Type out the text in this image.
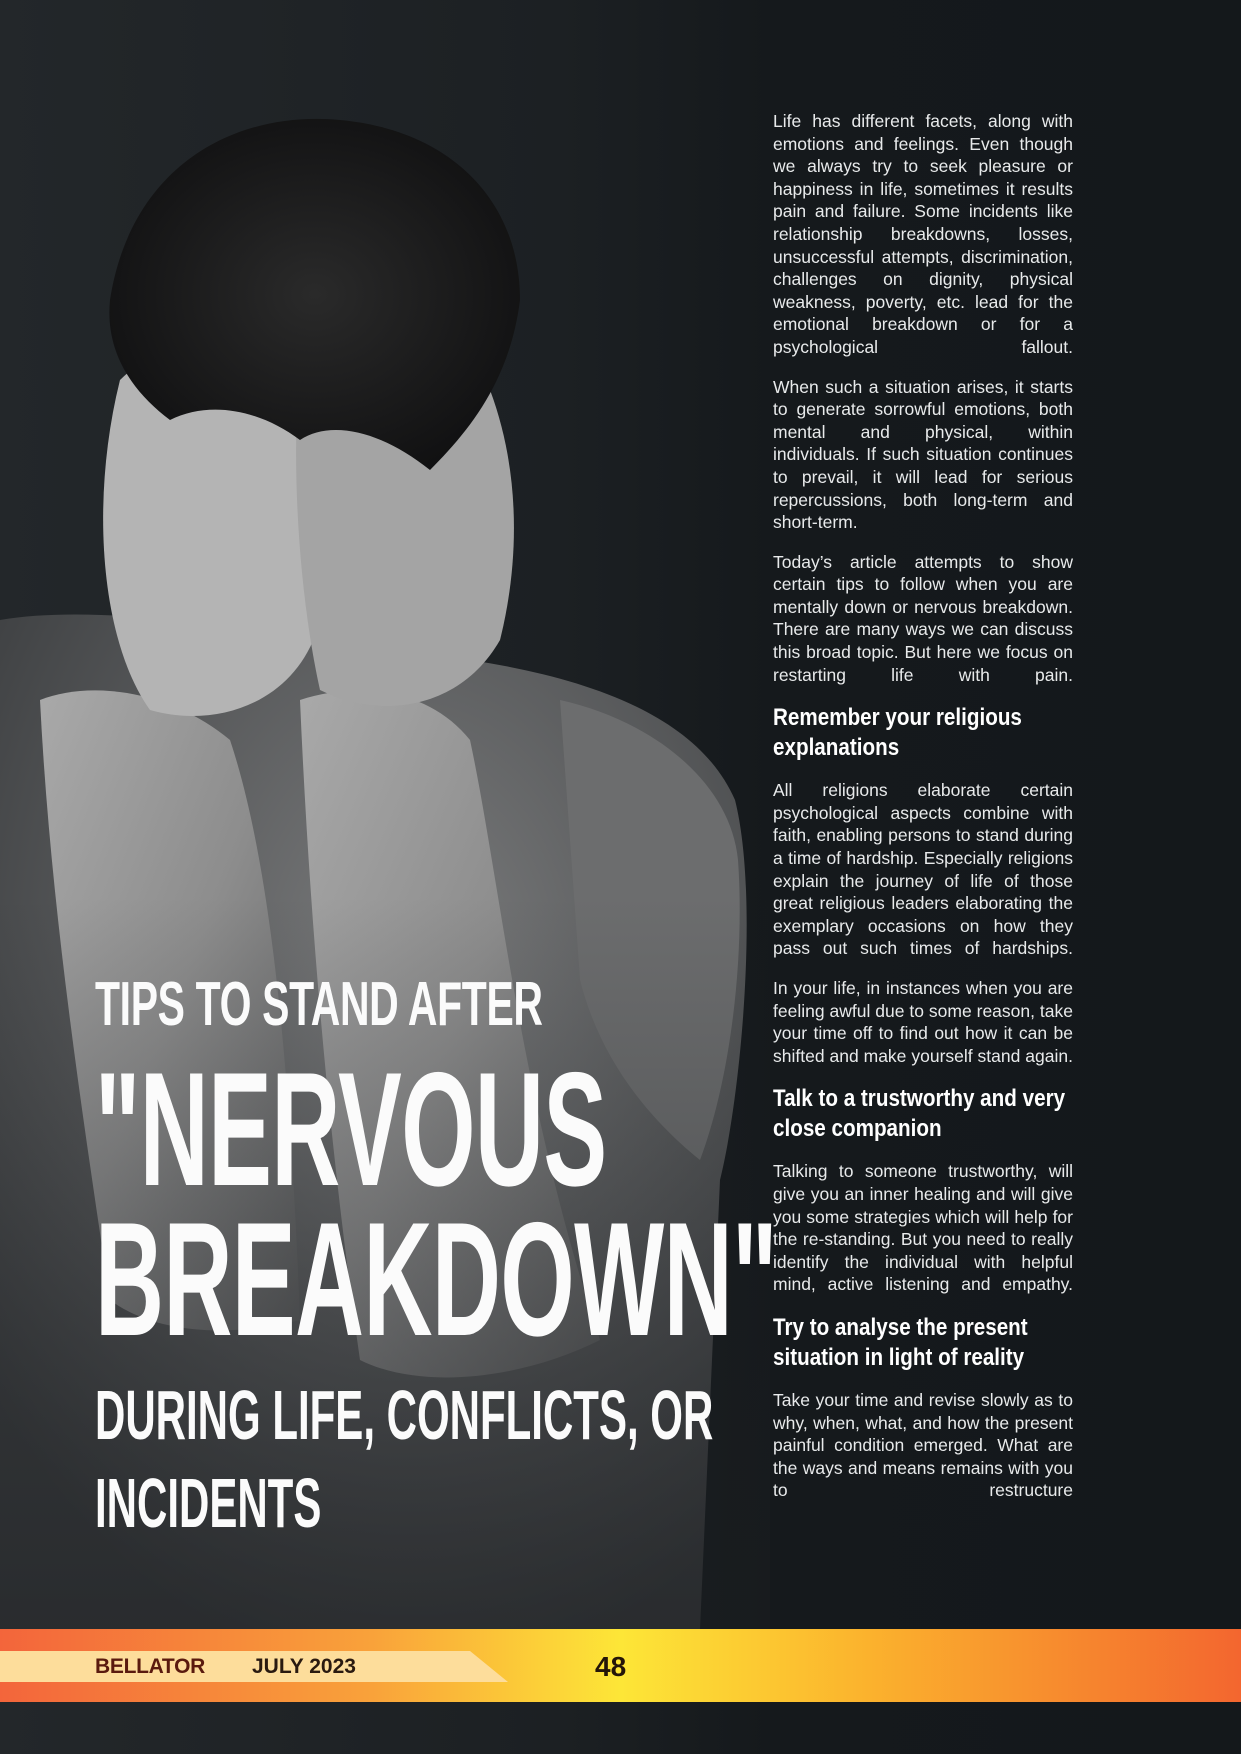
TIPS TO STAND AFTER
"NERVOUS
BREAKDOWN"
DURING LIFE, CONFLICTS, OR
INCIDENTS

Life has different facets, along with emotions and feelings. Even though we always try to seek pleasure or happiness in life, sometimes it results pain and failure. Some incidents like relationship breakdowns, losses, unsuccessful attempts, discrimination, challenges on dignity, physical weakness, poverty, etc. lead for the emotional breakdown or for a psychological fallout.

When such a situation arises, it starts to generate sorrowful emotions, both mental and physical, within individuals. If such situation continues to prevail, it will lead for serious repercussions, both long-term and short-term.

Today’s article attempts to show certain tips to follow when you are mentally down or nervous breakdown. There are many ways we can discuss this broad topic. But here we focus on restarting life with pain.

Remember your religious explanations

All religions elaborate certain psychological aspects combine with faith, enabling persons to stand during a time of hardship. Especially religions explain the journey of life of those great religious leaders elaborating the exemplary occasions on how they pass out such times of hardships.

In your life, in instances when you are feeling awful due to some reason, take your time off to find out how it can be shifted and make yourself stand again.

Talk to a trustworthy and very close companion

Talking to someone trustworthy, will give you an inner healing and will give you some strategies which will help for the re-standing. But you need to really identify the individual with helpful mind, active listening and empathy.

Try to analyse the present situation in light of reality

Take your time and revise slowly as to why, when, what, and how the present painful condition emerged. What are the ways and means remains with you to restructure

BELLATOR JULY 2023	48
